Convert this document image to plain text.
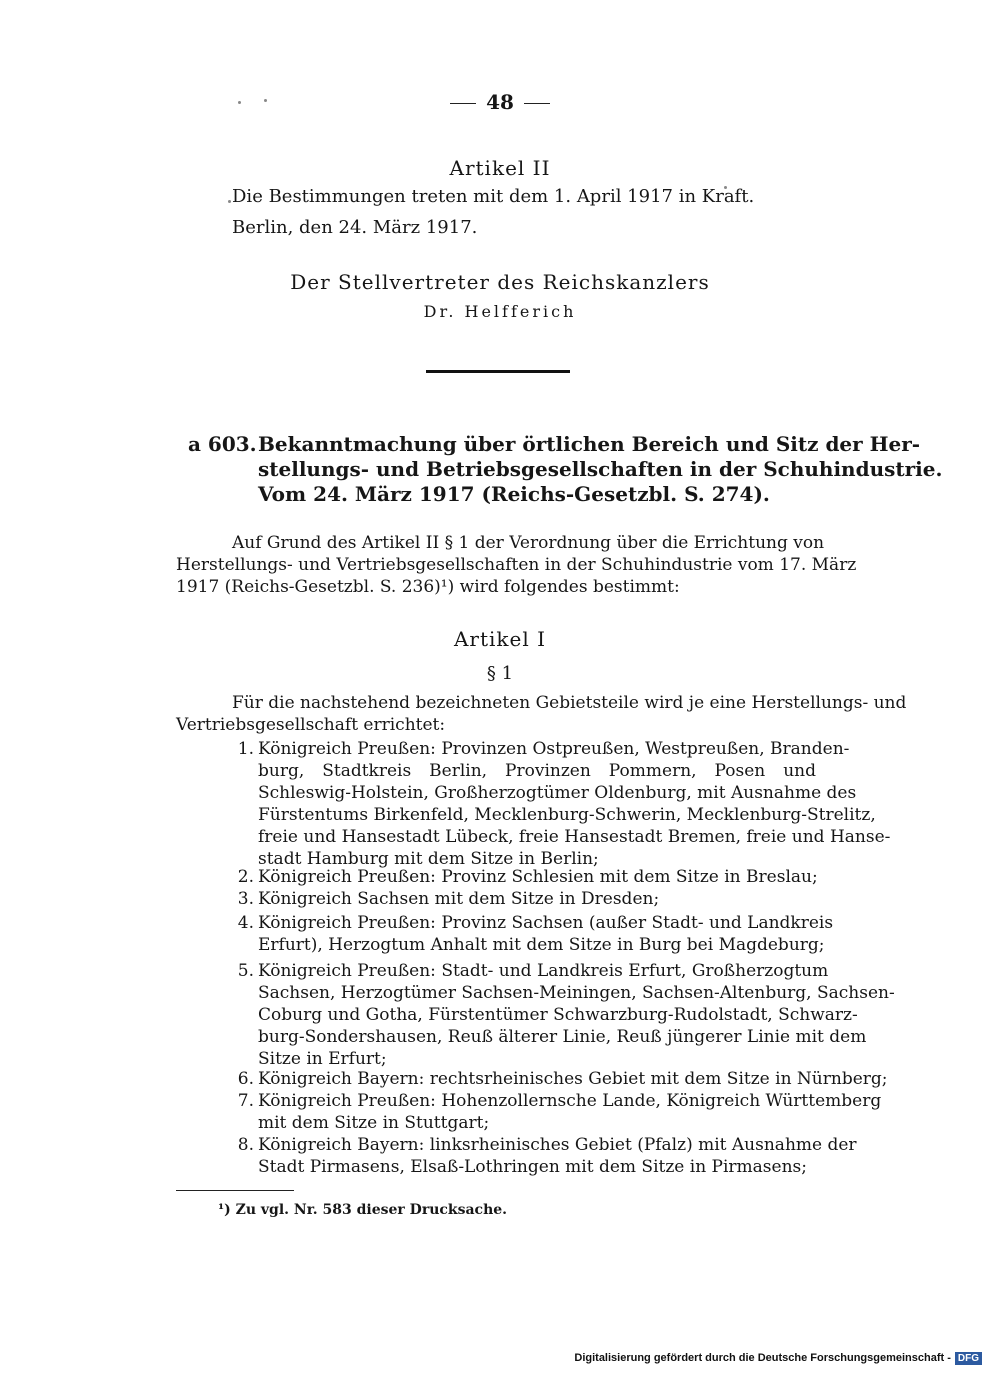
48
Artikel II
Die Bestimmungen treten mit dem 1. April 1917 in Kraft.
Berlin, den 24. März 1917.
Der Stellvertreter des Reichskanzlers
Dr. Helfferich
a 603. Bekanntmachung über örtlichen Bereich und Sitz der Her-
stellungs- und Betriebsgesellschaften in der Schuhindustrie.
Vom 24. März 1917 (Reichs-Gesetzbl. S. 274).
Auf Grund des Artikel II § 1 der Verordnung über die Errichtung von
Herstellungs- und Vertriebsgesellschaften in der Schuhindustrie vom 17. März
1917 (Reichs-Gesetzbl. S. 236)¹) wird folgendes bestimmt:
Artikel I
§ 1
Für die nachstehend bezeichneten Gebietsteile wird je eine Herstellungs- und
Vertriebsgesellschaft errichtet:
1. Königreich Preußen: Provinzen Ostpreußen, Westpreußen, Branden-
burg, Stadtkreis Berlin, Provinzen Pommern, Posen und
Schleswig-Holstein, Großherzogtümer Oldenburg, mit Ausnahme des
Fürstentums Birkenfeld, Mecklenburg-Schwerin, Mecklenburg-Strelitz,
freie und Hansestadt Lübeck, freie Hansestadt Bremen, freie und Hanse-
stadt Hamburg mit dem Sitze in Berlin;
2. Königreich Preußen: Provinz Schlesien mit dem Sitze in Breslau;
3. Königreich Sachsen mit dem Sitze in Dresden;
4. Königreich Preußen: Provinz Sachsen (außer Stadt- und Landkreis
Erfurt), Herzogtum Anhalt mit dem Sitze in Burg bei Magdeburg;
5. Königreich Preußen: Stadt- und Landkreis Erfurt, Großherzogtum
Sachsen, Herzogtümer Sachsen-Meiningen, Sachsen-Altenburg, Sachsen-
Coburg und Gotha, Fürstentümer Schwarzburg-Rudolstadt, Schwarz-
burg-Sondershausen, Reuß älterer Linie, Reuß jüngerer Linie mit dem
Sitze in Erfurt;
6. Königreich Bayern: rechtsrheinisches Gebiet mit dem Sitze in Nürnberg;
7. Königreich Preußen: Hohenzollernsche Lande, Königreich Württemberg
mit dem Sitze in Stuttgart;
8. Königreich Bayern: linksrheinisches Gebiet (Pfalz) mit Ausnahme der
Stadt Pirmasens, Elsaß-Lothringen mit dem Sitze in Pirmasens;
¹) Zu vgl. Nr. 583 dieser Drucksache.
Digitalisierung gefördert durch die Deutsche Forschungsgemeinschaft - DFG
